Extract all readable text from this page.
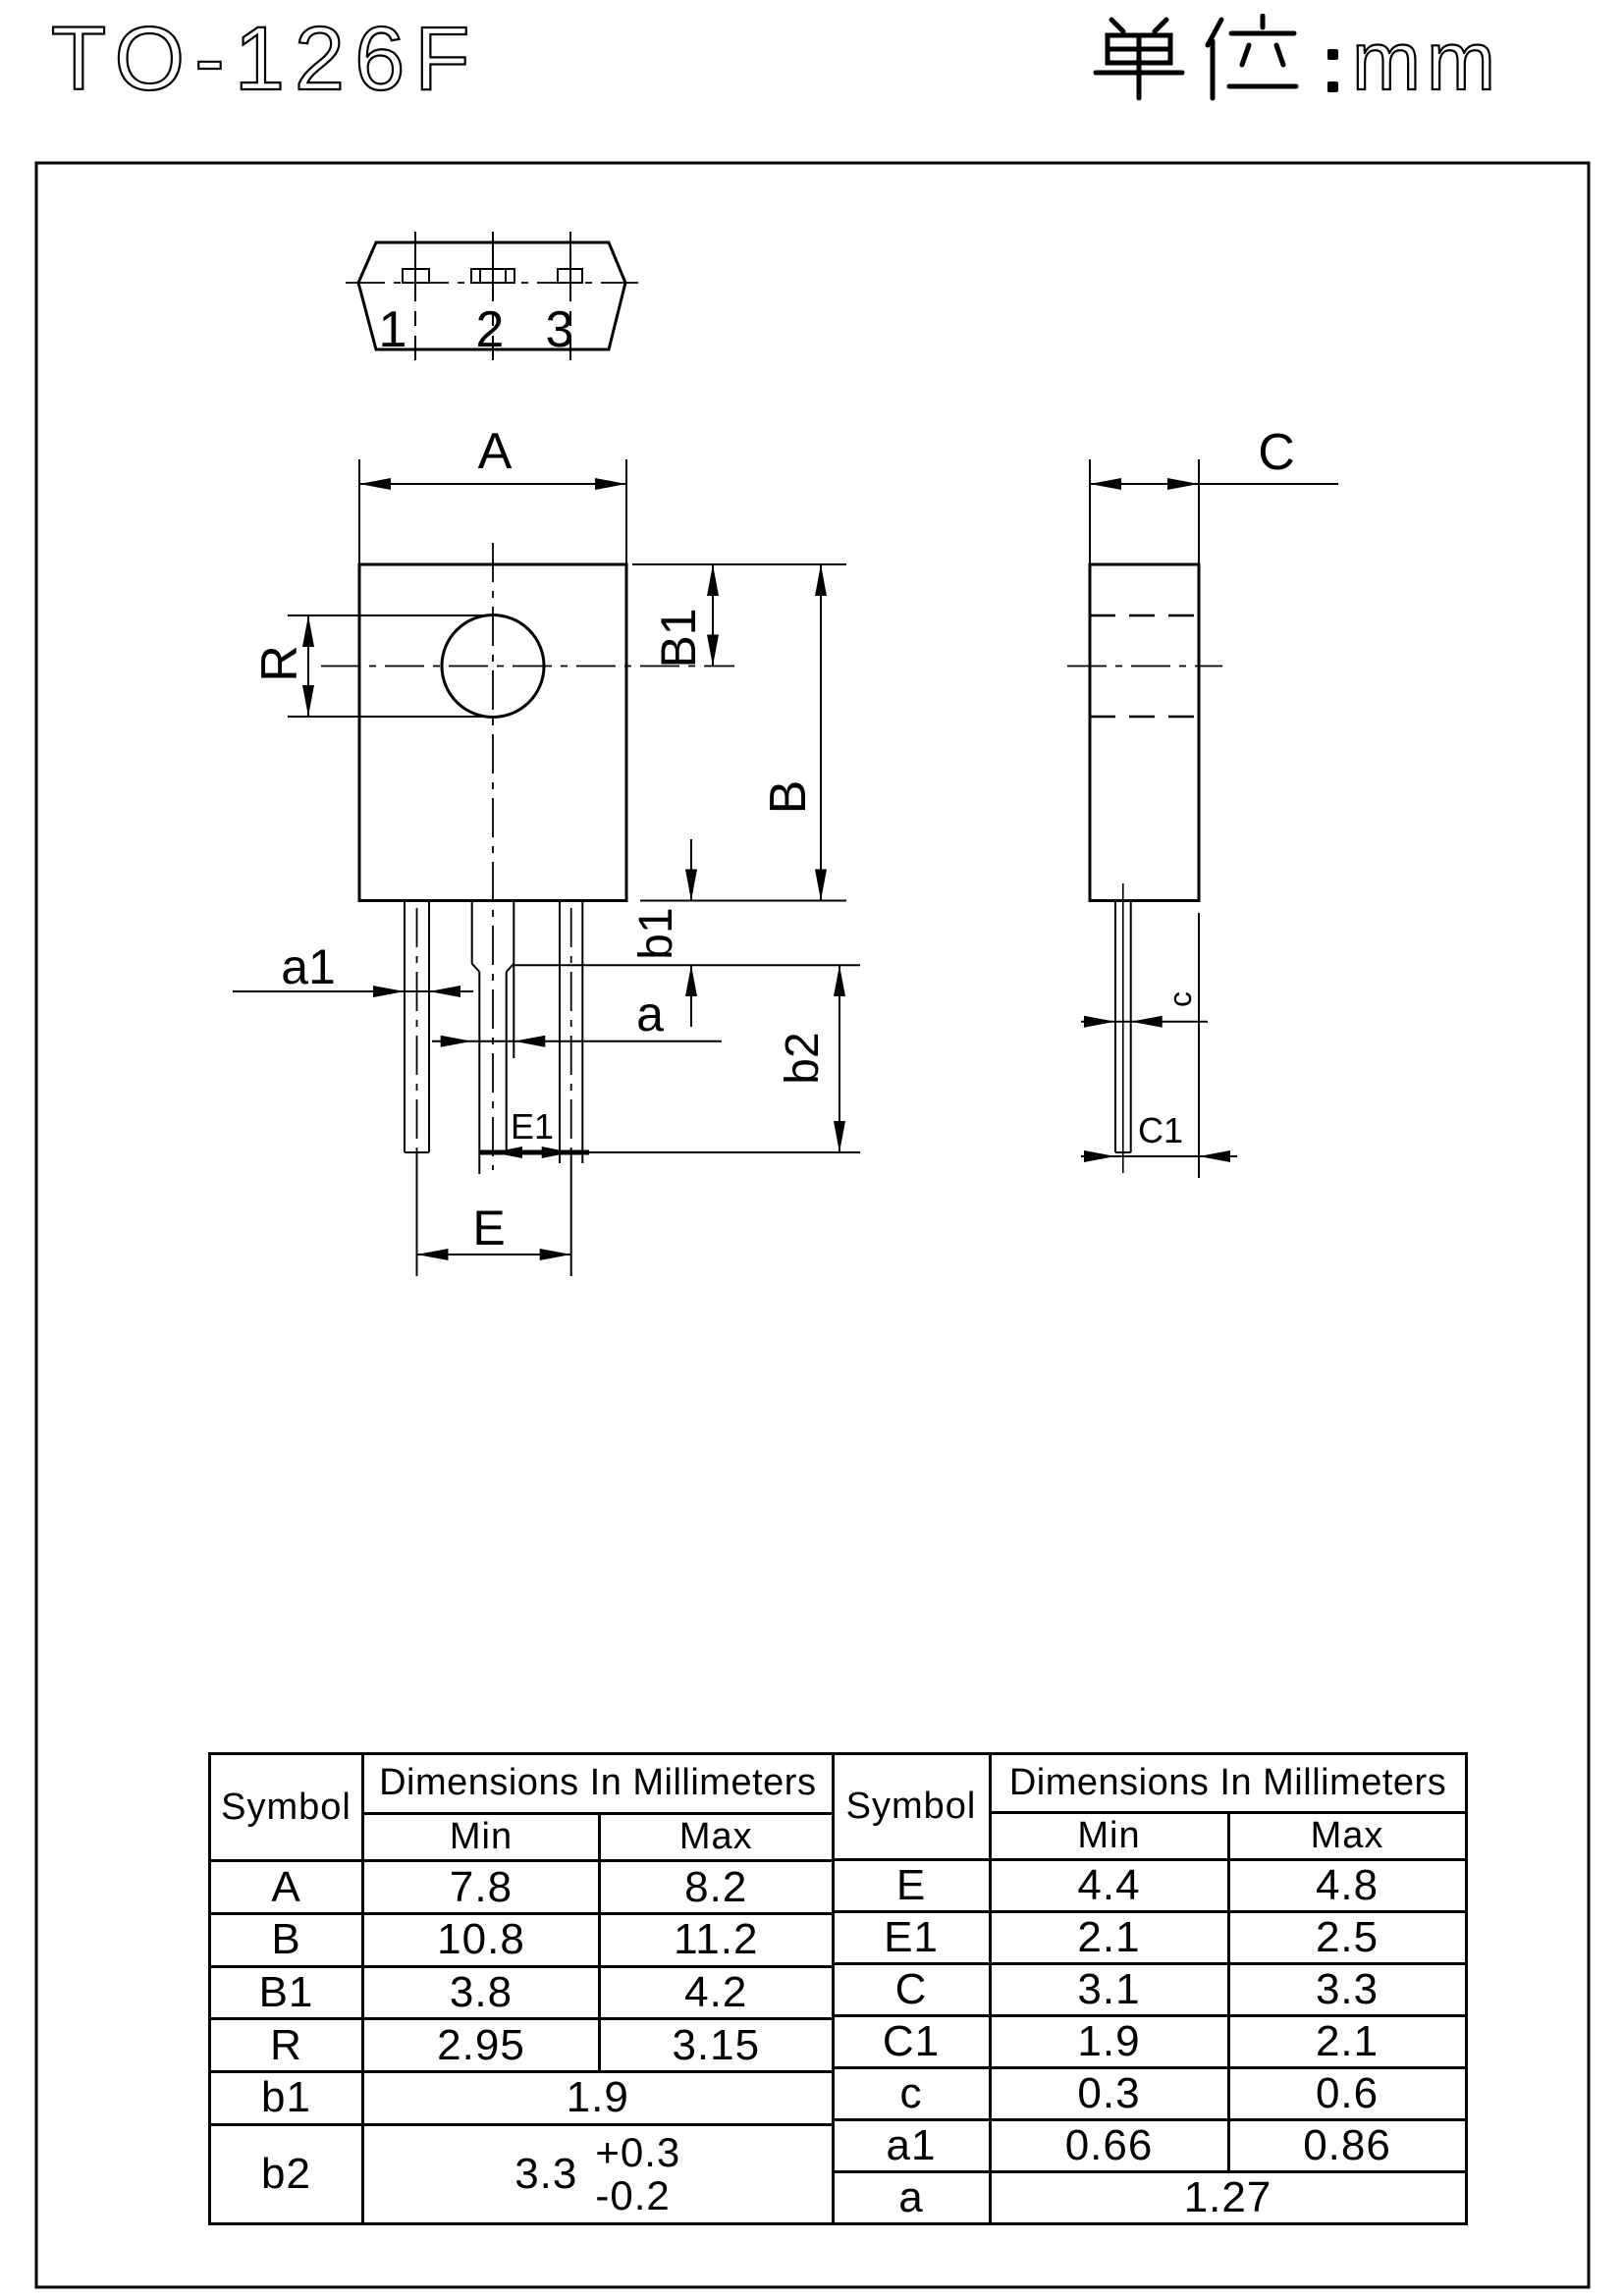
TO-126F	mm
1 2 3
A
R	B1
B
b1
b2
a1
a
E1
E
C
c
C1
Symbol	Dimensions In Millimeters	
	Min	Max
A	7.8	8.2
B	10.8	11.2
B1	3.8	4.2
R	2.95	3.15
b1	1.9	
b2	3.3 +0.3
-0.2	
Symbol	Dimensions In Millimeters	
	Min	Max
E	4.4	4.8
E1	2.1	2.5
C	3.1	3.3
C1	1.9	2.1
c	0.3	0.6
a1	0.66	0.86
a	1.27	
